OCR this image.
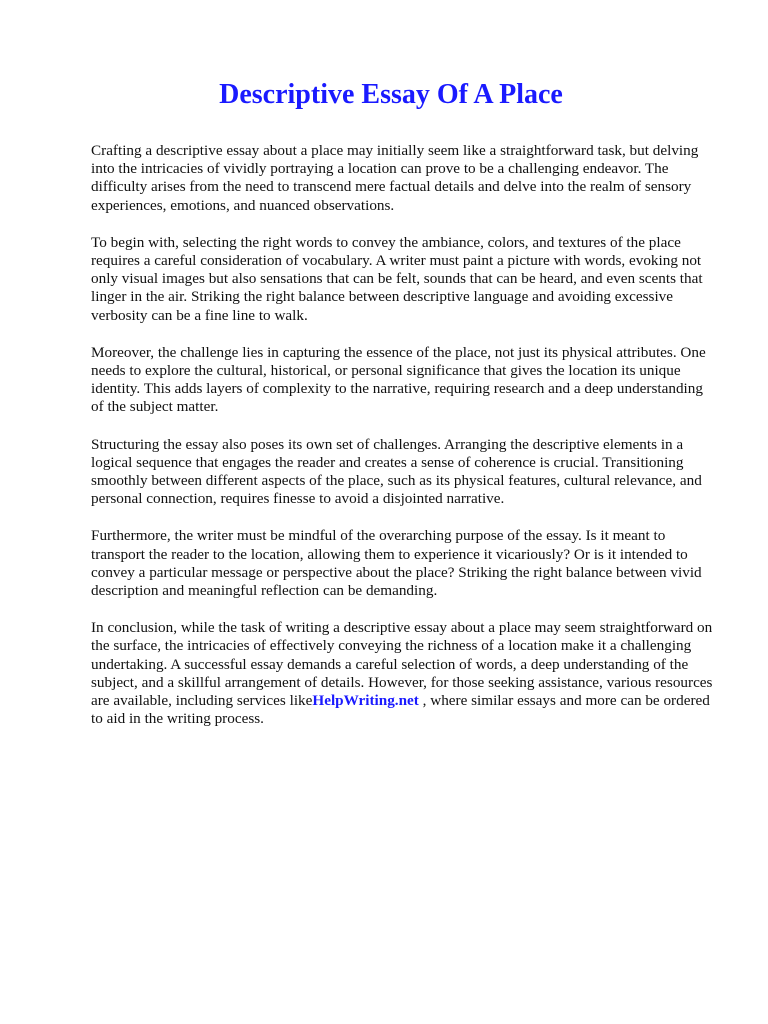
Descriptive Essay Of A Place

Crafting a descriptive essay about a place may initially seem like a straightforward task, but delving into the intricacies of vividly portraying a location can prove to be a challenging endeavor. The difficulty arises from the need to transcend mere factual details and delve into the realm of sensory experiences, emotions, and nuanced observations.

To begin with, selecting the right words to convey the ambiance, colors, and textures of the place requires a careful consideration of vocabulary. A writer must paint a picture with words, evoking not only visual images but also sensations that can be felt, sounds that can be heard, and even scents that linger in the air. Striking the right balance between descriptive language and avoiding excessive verbosity can be a fine line to walk.

Moreover, the challenge lies in capturing the essence of the place, not just its physical attributes. One needs to explore the cultural, historical, or personal significance that gives the location its unique identity. This adds layers of complexity to the narrative, requiring research and a deep understanding of the subject matter.

Structuring the essay also poses its own set of challenges. Arranging the descriptive elements in a logical sequence that engages the reader and creates a sense of coherence is crucial. Transitioning smoothly between different aspects of the place, such as its physical features, cultural relevance, and personal connection, requires finesse to avoid a disjointed narrative.

Furthermore, the writer must be mindful of the overarching purpose of the essay. Is it meant to transport the reader to the location, allowing them to experience it vicariously? Or is it intended to convey a particular message or perspective about the place? Striking the right balance between vivid description and meaningful reflection can be demanding.

In conclusion, while the task of writing a descriptive essay about a place may seem straightforward on the surface, the intricacies of effectively conveying the richness of a location make it a challenging undertaking. A successful essay demands a careful selection of words, a deep understanding of the subject, and a skillful arrangement of details. However, for those seeking assistance, various resources are available, including services likeHelpWriting.net , where similar essays and more can be ordered to aid in the writing process.
